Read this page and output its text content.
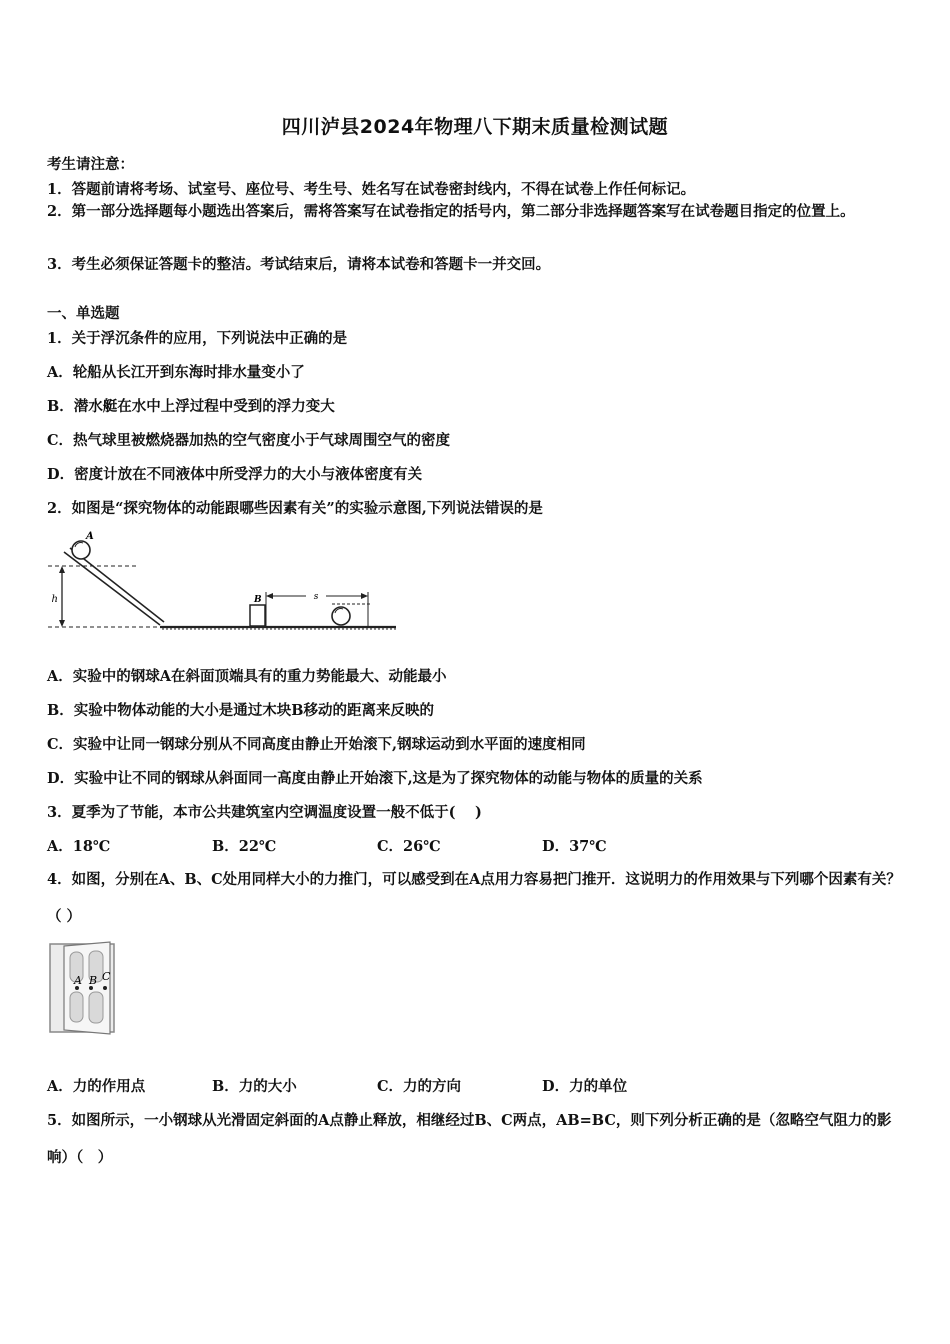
四川泸县2024年物理八下期末质量检测试题
考生请注意：
1．答题前请将考场、试室号、座位号、考生号、姓名写在试卷密封线内，不得在试卷上作任何标记。
2．第一部分选择题每小题选出答案后，需将答案写在试卷指定的括号内，第二部分非选择题答案写在试卷题目指定的位置上。
3．考生必须保证答题卡的整洁。考试结束后，请将本试卷和答题卡一并交回。
一、单选题
1．关于浮沉条件的应用，下列说法中正确的是
A．轮船从长江开到东海时排水量变小了
B．潜水艇在水中上浮过程中受到的浮力变大
C．热气球里被燃烧器加热的空气密度小于气球周围空气的密度
D．密度计放在不同液体中所受浮力的大小与液体密度有关
2．如图是“探究物体的动能跟哪些因素有关”的实验示意图,下列说法错误的是
h
A
B	s
A．实验中的钢球A在斜面顶端具有的重力势能最大、动能最小
B．实验中物体动能的大小是通过木块B移动的距离来反映的
C．实验中让同一钢球分别从不同高度由静止开始滚下,钢球运动到水平面的速度相同
D．实验中让不同的钢球从斜面同一高度由静止开始滚下,这是为了探究物体的动能与物体的质量的关系
3．夏季为了节能，本市公共建筑室内空调温度设置一般不低于(　 )
A．18℃	B．22℃	C．26℃	D．37℃
4．如图，分别在A、B、C处用同样大小的力推门，可以感受到在A点用力容易把门推开．这说明力的作用效果与下列哪个因素有关？（ ）
A B C
A．力的作用点	B．力的大小	C．力的方向	D．力的单位
5．如图所示，一小钢球从光滑固定斜面的A点静止释放，相继经过B、C两点，AB=BC，则下列分析正确的是（忽略空气阻力的影响）（　）
